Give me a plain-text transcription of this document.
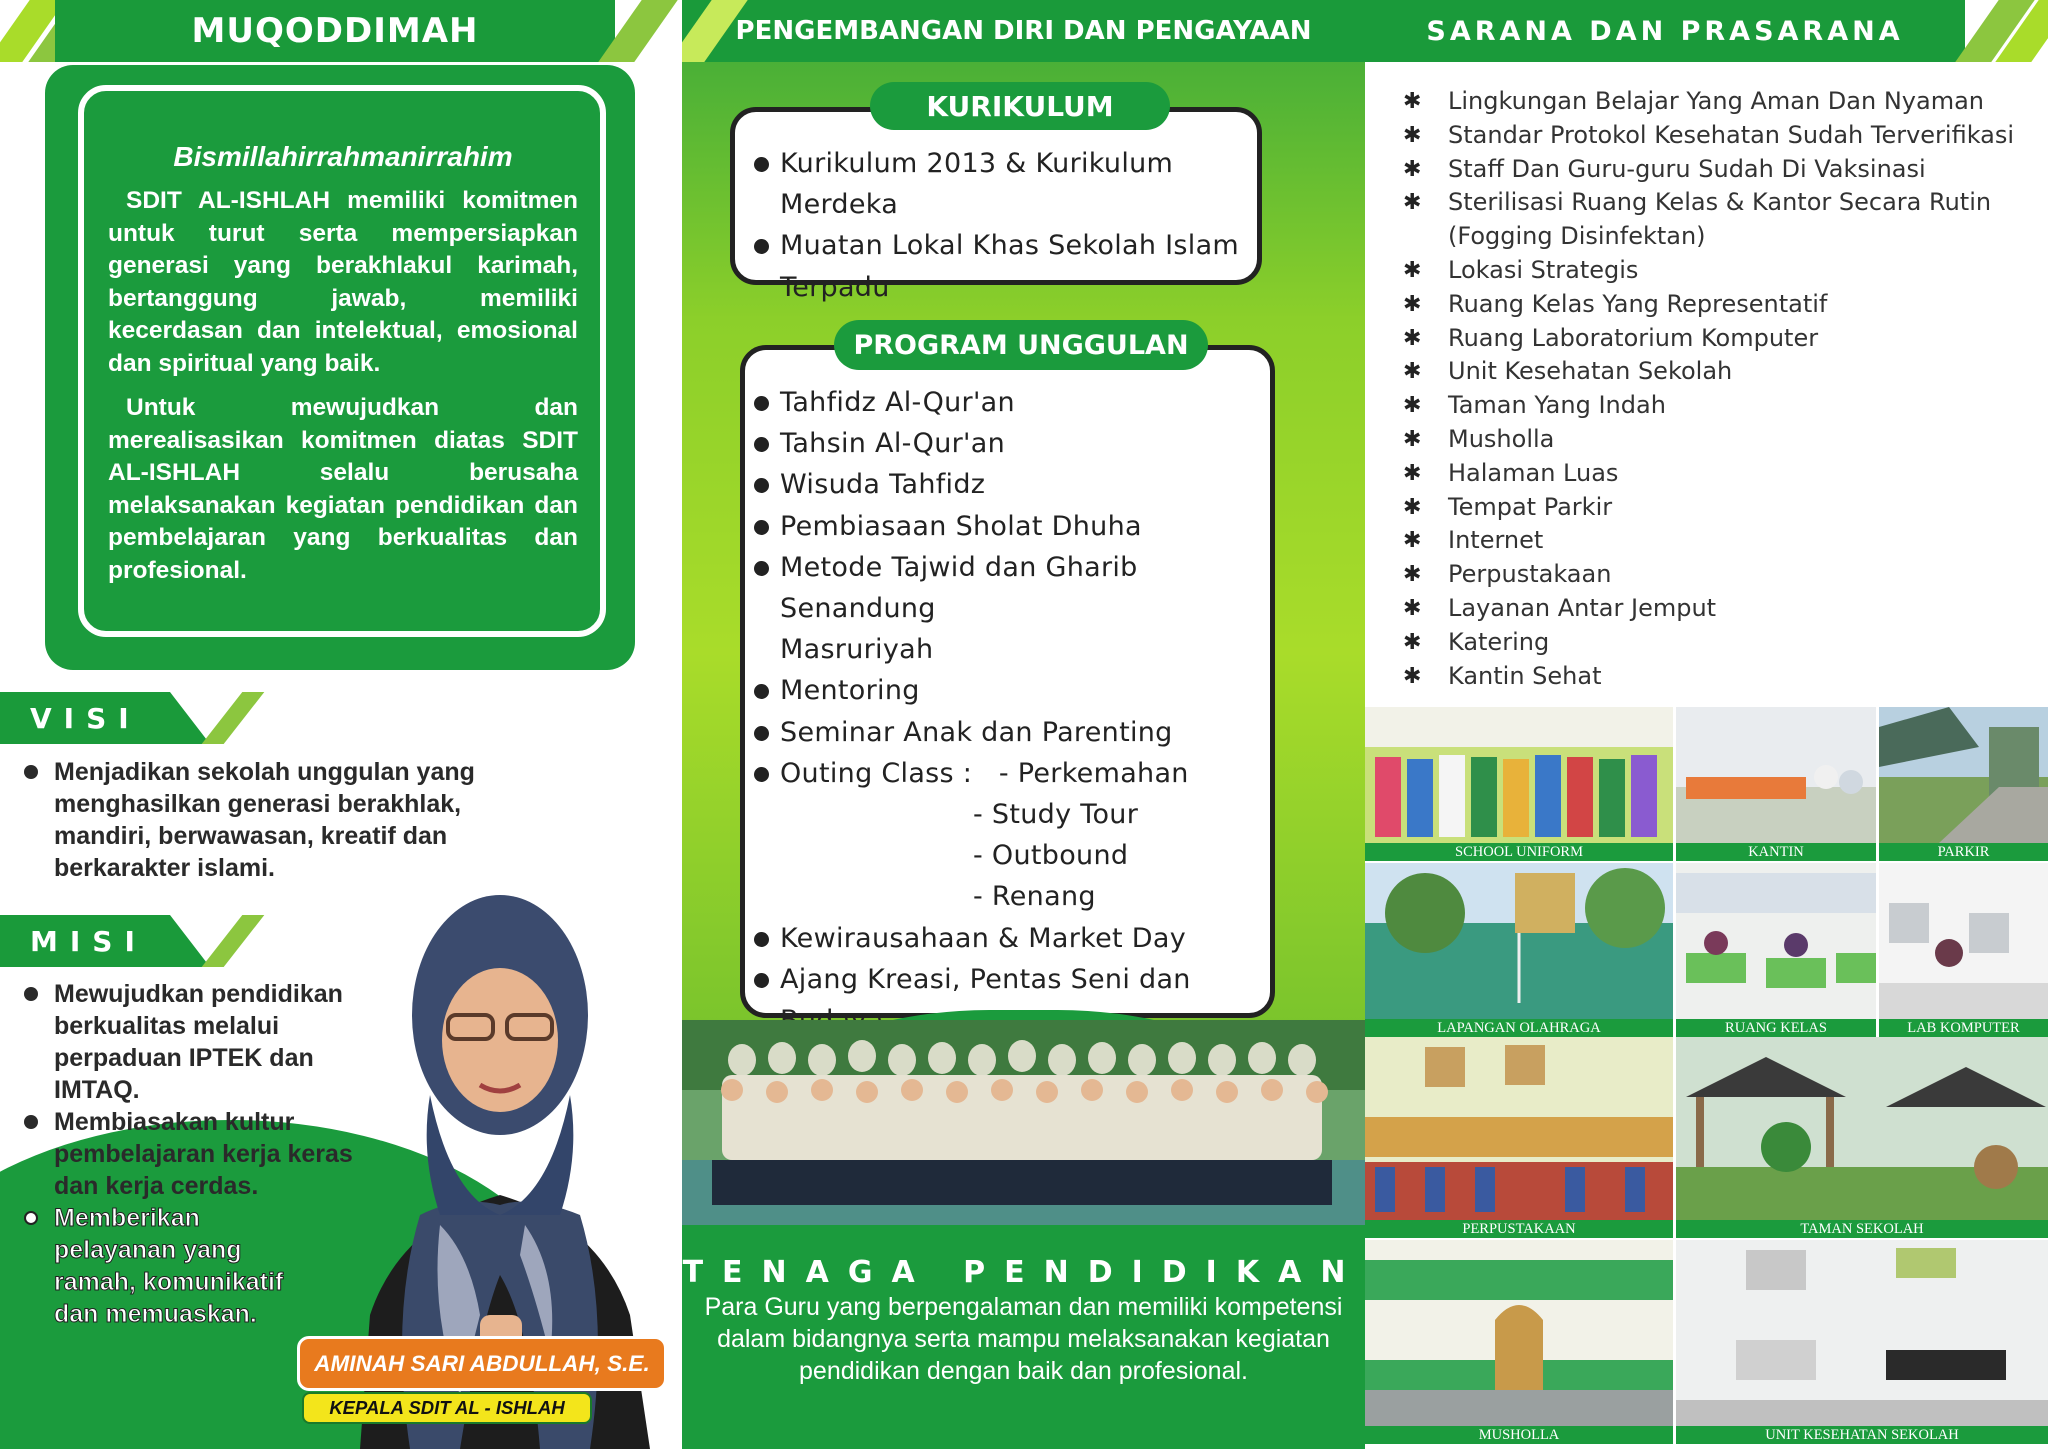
MUQODDIMAH
Bismillahirrahmanirrahim

SDIT AL-ISHLAH memiliki komitmen untuk turut serta mempersiapkan generasi yang berakhlakul karimah, bertanggung jawab, memiliki kecerdasan dan intelektual, emosional dan spiritual yang baik.

Untuk mewujudkan dan merealisasikan komitmen diatas SDIT AL-ISHLAH selalu berusaha melaksanakan kegiatan pendidikan dan pembelajaran yang berkualitas dan profesional.

VISI
Menjadikan sekolah unggulan yang menghasilkan generasi berakhlak, mandiri, berwawasan, kreatif dan berkarakter islami.
MISI
Mewujudkan pendidikan berkualitas melalui perpaduan IPTEK dan IMTAQ.
Membiasakan kultur pembelajaran kerja keras dan kerja cerdas.
Memberikan pelayanan yang ramah, komunikatif dan memuaskan.
AMINAH SARI ABDULLAH, S.E.
KEPALA SDIT AL - ISHLAH
PENGEMBANGAN DIRI DAN PENGAYAAN
KURIKULUM
Kurikulum 2013 & Kurikulum Merdeka
Muatan Lokal Khas Sekolah Islam
Terpadu
PROGRAM UNGGULAN
Tahfidz Al-Qur'an
Tahsin Al-Qur'an
Wisuda Tahfidz
Pembiasaan Sholat Dhuha
Metode Tajwid dan Gharib Senandung
Masruriyah
Mentoring
Seminar Anak dan Parenting
Outing Class :   - Perkemahan
- Study Tour
- Outbound
- Renang
Kewirausahaan & Market Day
Ajang Kreasi, Pentas Seni dan
TENAGA PENDIDIKAN
Para Guru yang berpengalaman dan memiliki kompetensi dalam bidangnya serta mampu melaksanakan kegiatan pendidikan dengan baik dan profesional.
SARANA DAN PRASARANA
✱ Lingkungan Belajar Yang Aman Dan Nyaman
✱ Standar Protokol Kesehatan Sudah Terverifikasi
✱ Staff Dan Guru-guru Sudah Di Vaksinasi
✱ Sterilisasi Ruang Kelas & Kantor Secara Rutin
(Fogging Disinfektan)
✱ Lokasi Strategis
✱ Ruang Kelas Yang Representatif
✱ Ruang Laboratorium Komputer
✱ Unit Kesehatan Sekolah
✱ Taman Yang Indah
✱ Musholla
✱ Halaman Luas
✱ Tempat Parkir
✱ Internet
✱ Perpustakaan
✱ Layanan Antar Jemput
✱ Katering
✱ Kantin Sehat
SCHOOL UNIFORM	KANTIN	PARKIR
LAPANGAN OLAHRAGA	RUANG KELAS	LAB KOMPUTER
PERPUSTAKAAN	TAMAN SEKOLAH
MUSHOLLA	UNIT KESEHATAN SEKOLAH
